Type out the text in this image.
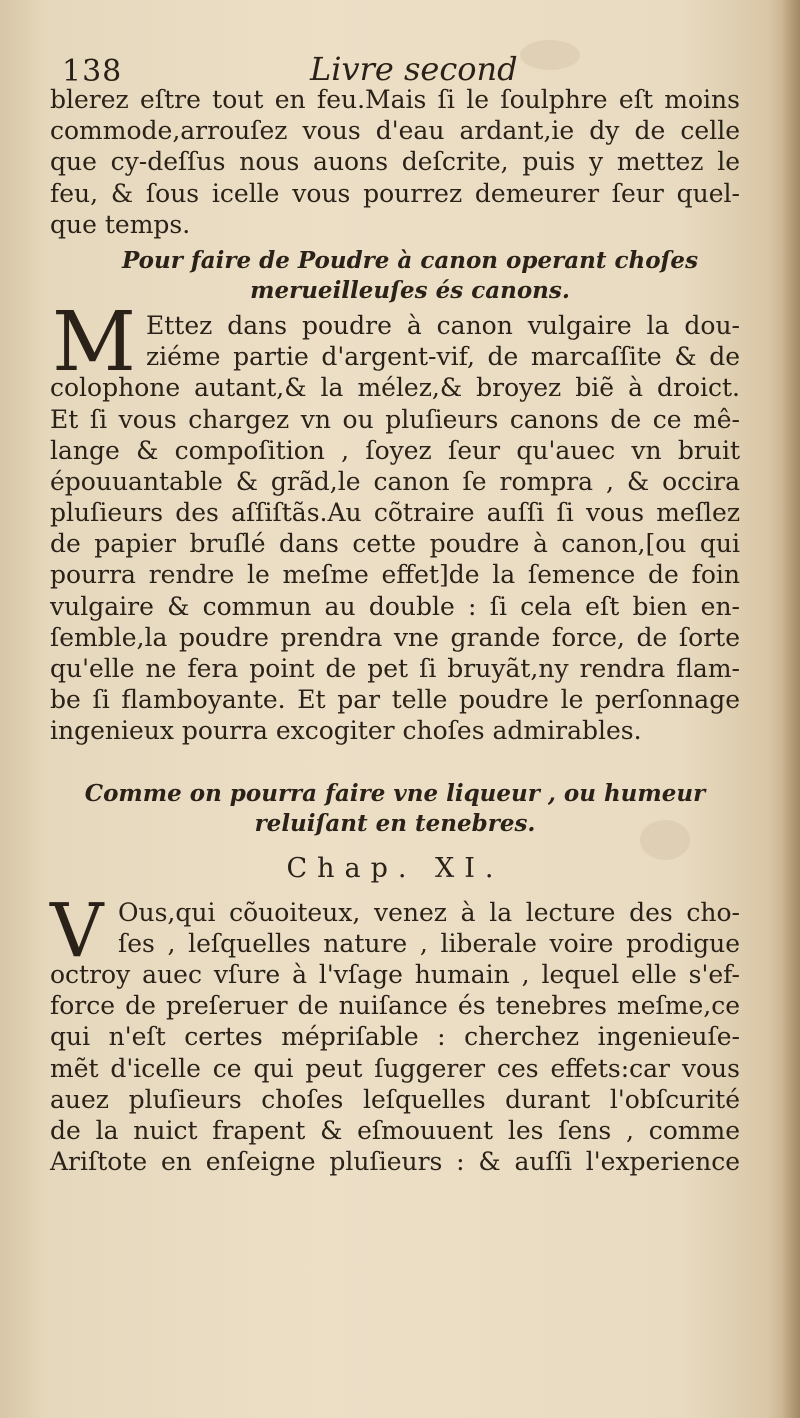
138	Livre second
blerez eſtre tout en feu.Mais ſi le ſoulphre eſt moins
commode,arrouſez vous d'eau ardant,ie dy de celle
que cy-deſſus nous auons deſcrite, puis y mettez le
feu, & ſous icelle vous pourrez demeurer ſeur quel-
que temps.
Pour faire de Poudre à canon operant choſes
merueilleuſes és canons.
M Ettez dans poudre à canon vulgaire la dou-
ziéme partie d'argent-vif, de marcaſſite & de
colophone autant,& la mélez,& broyez biẽ à droict.
Et ſi vous chargez vn ou pluſieurs canons de ce mê-
lange & compoſition , ſoyez ſeur qu'auec vn bruit
épouuantable & grãd,le canon ſe rompra , & occira
pluſieurs des aſſiſtãs.Au cõtraire auſſi ſi vous meſlez
de papier bruſlé dans cette poudre à canon,[ou qui
pourra rendre le meſme effet]de la ſemence de foin
vulgaire & commun au double : ſi cela eſt bien en-
ſemble,la poudre prendra vne grande force, de ſorte
qu'elle ne fera point de pet ſi bruyãt,ny rendra flam-
be ſi flamboyante. Et par telle poudre le perſonnage
ingenieux pourra excogiter choſes admirables.
Comme on pourra faire vne liqueur , ou humeur
reluiſant en tenebres.
Chap. XI.
V Ous,qui cõuoiteux, venez à la lecture des cho-
ſes , leſquelles nature , liberale voire prodigue
octroy auec vſure à l'vſage humain , lequel elle s'ef-
force de preſeruer de nuiſance és tenebres meſme,ce
qui n'eſt certes mépriſable : cherchez ingenieuſe-
mẽt d'icelle ce qui peut ſuggerer ces effets:car vous
auez pluſieurs choſes leſquelles durant l'obſcurité
de la nuict frapent & eſmouuent les ſens , comme
Ariſtote en enſeigne pluſieurs : & auſſi l'experience
